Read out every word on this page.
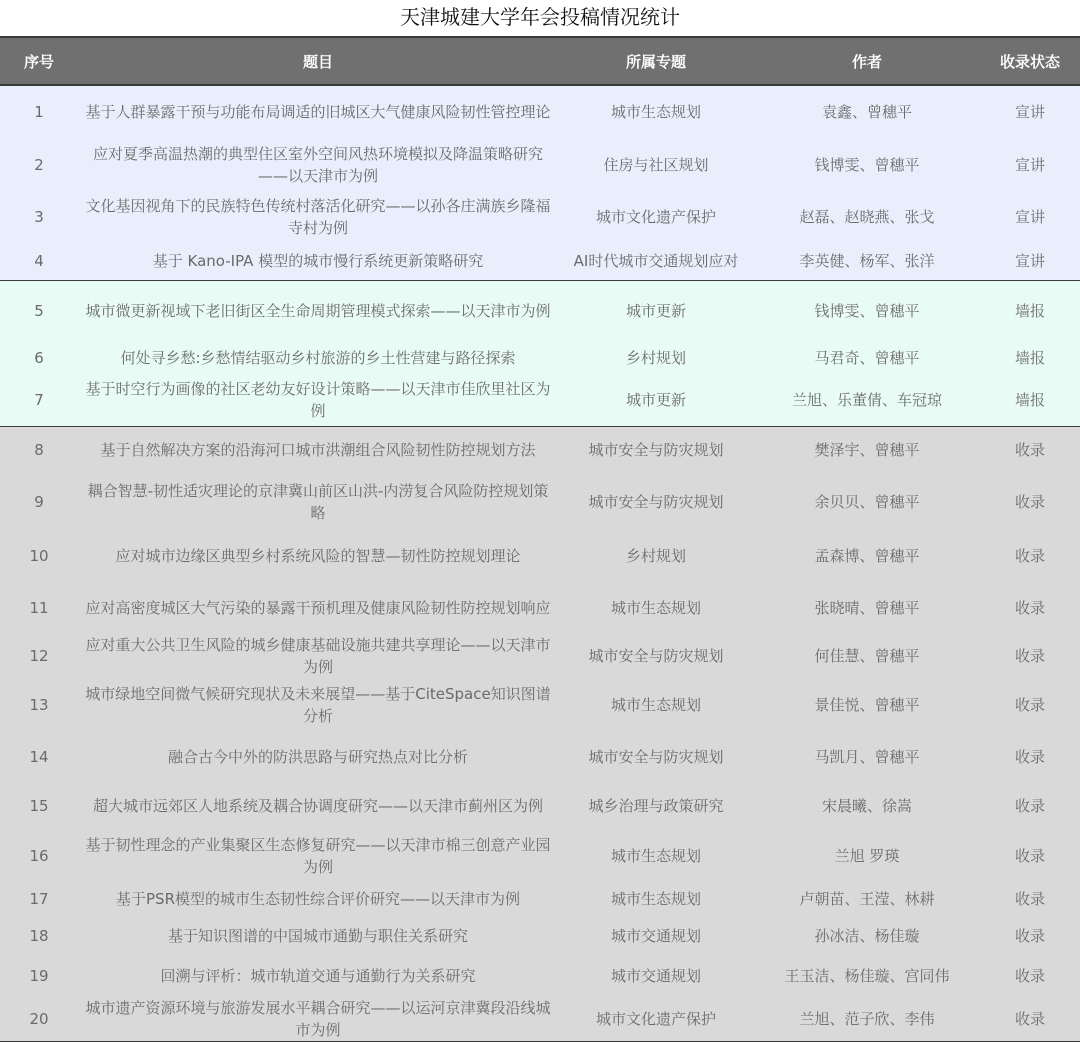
天津城建大学年会投稿情况统计
序号	题目	所属专题	作者	收录状态
1	基于人群暴露干预与功能布局调适的旧城区大气健康风险韧性管控理论	城市生态规划	袁鑫、曾穗平	宣讲
2	应对夏季高温热潮的典型住区室外空间风热环境模拟及降温策略研究——以天津市为例	住房与社区规划	钱博雯、曾穗平	宣讲
3	文化基因视角下的民族特色传统村落活化研究——以孙各庄满族乡隆福寺村为例	城市文化遗产保护	赵磊、赵晓燕、张戈	宣讲
4	基于 Kano-IPA 模型的城市慢行系统更新策略研究	AI时代城市交通规划应对	李英健、杨军、张洋	宣讲
5	城市微更新视域下老旧街区全生命周期管理模式探索——以天津市为例	城市更新	钱博雯、曾穗平	墙报
6	何处寻乡愁:乡愁情结驱动乡村旅游的乡土性营建与路径探索	乡村规划	马君奇、曾穗平	墙报
7	基于时空行为画像的社区老幼友好设计策略——以天津市佳欣里社区为例	城市更新	兰旭、乐董倩、车冠琼	墙报
8	基于自然解决方案的沿海河口城市洪潮组合风险韧性防控规划方法	城市安全与防灾规划	樊泽宇、曾穗平	收录
9	耦合智慧-韧性适灾理论的京津冀山前区山洪-内涝复合风险防控规划策略	城市安全与防灾规划	余贝贝、曾穗平	收录
10	应对城市边缘区典型乡村系统风险的智慧—韧性防控规划理论	乡村规划	孟森博、曾穗平	收录
11	应对高密度城区大气污染的暴露干预机理及健康风险韧性防控规划响应	城市生态规划	张晓晴、曾穗平	收录
12	应对重大公共卫生风险的城乡健康基础设施共建共享理论——以天津市为例	城市安全与防灾规划	何佳慧、曾穗平	收录
13	城市绿地空间微气候研究现状及未来展望——基于CiteSpace知识图谱分析	城市生态规划	景佳悦、曾穗平	收录
14	融合古今中外的防洪思路与研究热点对比分析	城市安全与防灾规划	马凯月、曾穗平	收录
15	超大城市远郊区人地系统及耦合协调度研究——以天津市蓟州区为例	城乡治理与政策研究	宋晨曦、徐嵩	收录
16	基于韧性理念的产业集聚区生态修复研究——以天津市棉三创意产业园为例	城市生态规划	兰旭 罗瑛	收录
17	基于PSR模型的城市生态韧性综合评价研究——以天津市为例	城市生态规划	卢朝苗、王滢、林耕	收录
18	基于知识图谱的中国城市通勤与职住关系研究	城市交通规划	孙冰洁、杨佳璇	收录
19	回溯与评析：城市轨道交通与通勤行为关系研究	城市交通规划	王玉洁、杨佳璇、宫同伟	收录
20	城市遗产资源环境与旅游发展水平耦合研究——以运河京津冀段沿线城市为例	城市文化遗产保护	兰旭、范子欣、李伟	收录
